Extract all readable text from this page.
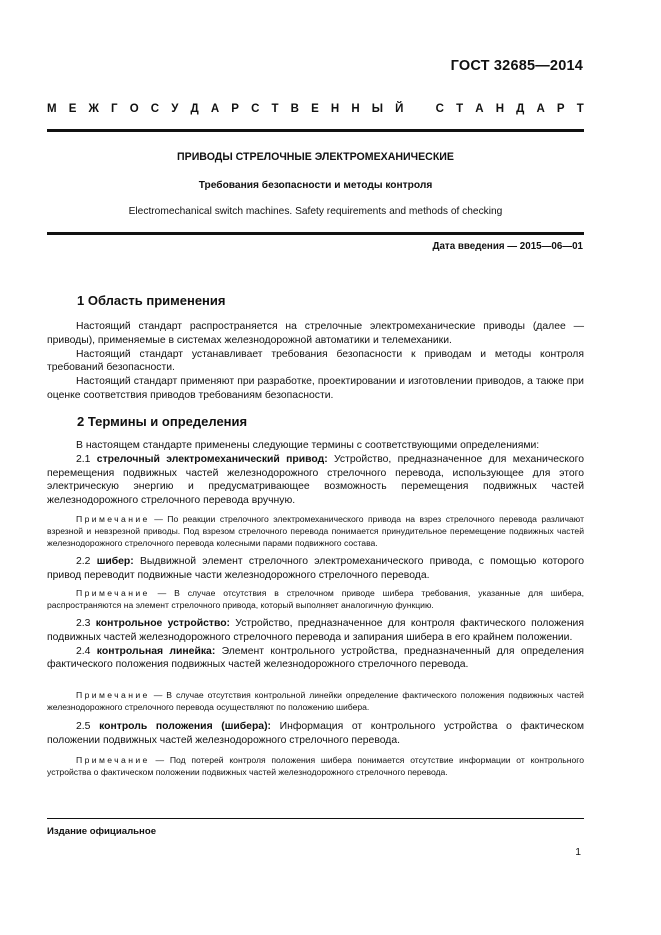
ГОСТ 32685—2014
М Е Ж Г О С У Д А Р С Т В Е Н Н Ы Й	С Т А Н Д А Р Т
ПРИВОДЫ СТРЕЛОЧНЫЕ ЭЛЕКТРОМЕХАНИЧЕСКИЕ
Требования безопасности и методы контроля
Electromechanical switch machines. Safety requirements and methods of checking
Дата введения — 2015—06—01
1 Область применения

Настоящий стандарт распространяется на стрелочные электромеханические приводы (далее — приводы), применяемые в системах железнодорожной автоматики и телемеханики.

Настоящий стандарт устанавливает требования безопасности к приводам и методы контроля требований безопасности.

Настоящий стандарт применяют при разработке, проектировании и изготовлении приводов, а также при оценке соответствия приводов требованиям безопасности.

2 Термины и определения

В настоящем стандарте применены следующие термины с соответствующими определениями:

2.1 стрелочный электромеханический привод: Устройство, предназначенное для механического перемещения подвижных частей железнодорожного стрелочного перевода, использующее для этого электрическую энергию и предусматривающее возможность перемещения подвижных частей железнодорожного стрелочного перевода вручную.

Примечание — По реакции стрелочного электромеханического привода на взрез стрелочного перевода различают взрезной и невзрезной приводы. Под взрезом стрелочного перевода понимается принудительное перемещение подвижных частей железнодорожного стрелочного перевода колесными парами подвижного состава.

2.2 шибер: Выдвижной элемент стрелочного электромеханического привода, с помощью которого привод переводит подвижные части железнодорожного стрелочного перевода.

Примечание — В случае отсутствия в стрелочном приводе шибера требования, указанные для шибера, распространяются на элемент стрелочного привода, который выполняет аналогичную функцию.

2.3 контрольное устройство: Устройство, предназначенное для контроля фактического положения подвижных частей железнодорожного стрелочного перевода и запирания шибера в его крайнем положении.

2.4 контрольная линейка: Элемент контрольного устройства, предназначенный для определения фактического положения подвижных частей железнодорожного стрелочного перевода.

Примечание — В случае отсутствия контрольной линейки определение фактического положения подвижных частей железнодорожного стрелочного перевода осуществляют по положению шибера.

2.5 контроль положения (шибера): Информация от контрольного устройства о фактическом положении подвижных частей железнодорожного стрелочного перевода.

Примечание — Под потерей контроля положения шибера понимается отсутствие информации от контрольного устройства о фактическом положении подвижных частей железнодорожного стрелочного перевода.

Издание официальное
1
